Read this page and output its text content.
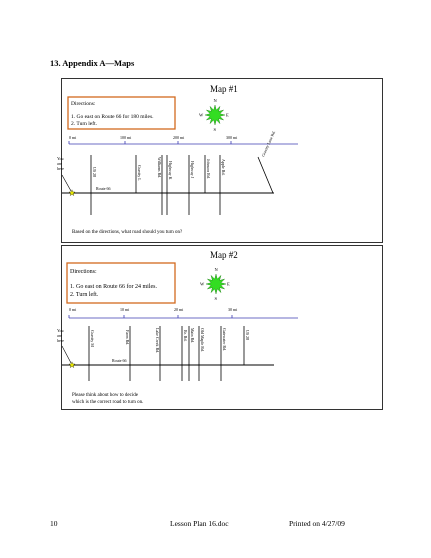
13. Appendix A—Maps
Map #1
Directions:
1. Go east on Route 66 for 180 miles.
2. Turn left.
N
S
W	E
0 mi	100 mi	200 mi	300 mi
You
are
here
Route 66
US 28	Gravity L	Williams Rd. Highway K	Highway J	Johnson Rd.	Apple Rd.
Gravity Lane Rd.
Based on the directions, what road should you turn on?
Map #2
Directions:
1. Go east on Route 66 for 24 miles.
2. Turn left.
N
S
W	E
0 mi	10 mi	20 mi	30 mi
You
are
here
Route 66
Gravity M	Farm Rd.	Lake Creek Rd.	Br. Rd. Main Rd. Old Maple Rd.	Gatewater Rd.	US 28
Please think about how to decide
which is the correct road to turn on.
10	Lesson Plan 16.doc	Printed on 4/27/09
